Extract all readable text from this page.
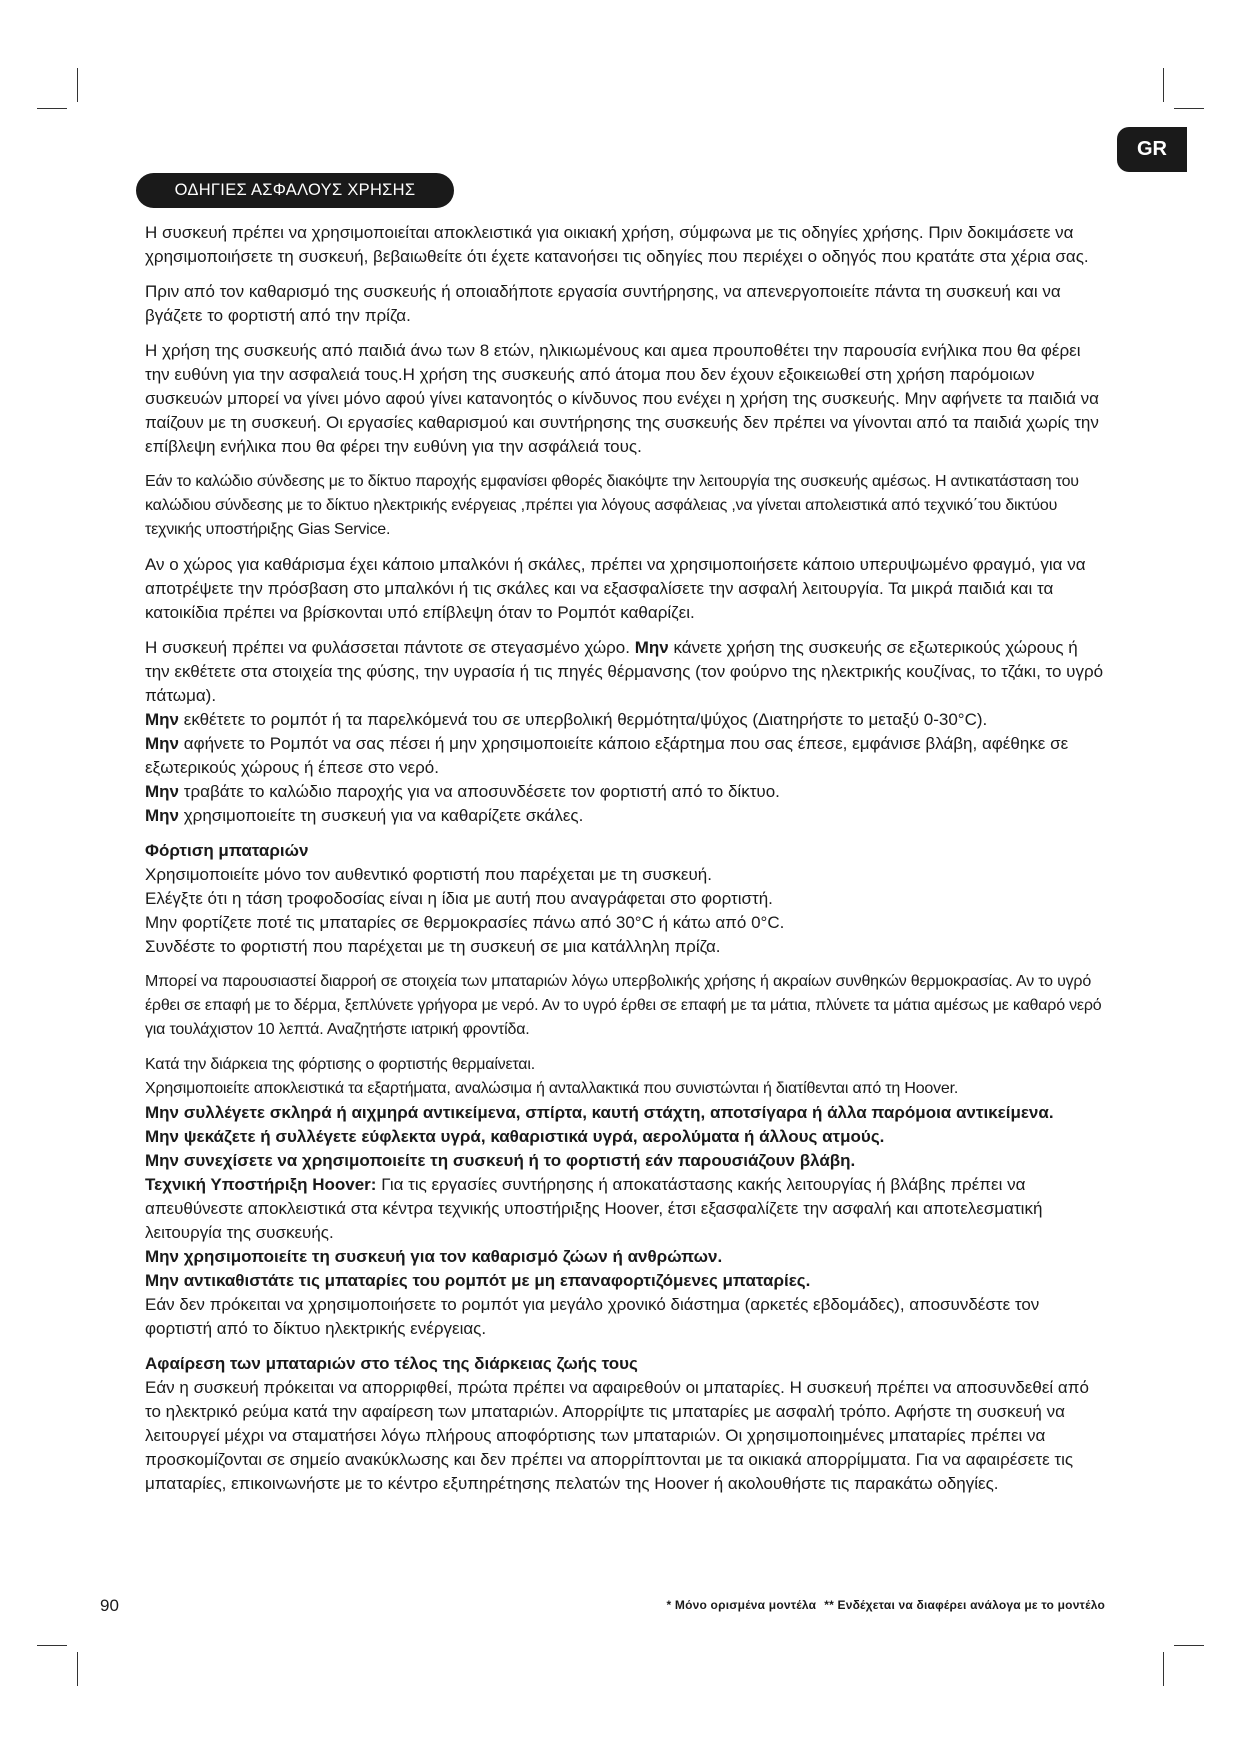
GR
ΟΔΗΓΙΕΣ ΑΣΦΑΛΟΥΣ ΧΡΗΣΗΣ

Η συσκευή πρέπει να χρησιμοποιείται αποκλειστικά για οικιακή χρήση, σύμφωνα με τις οδηγίες χρήσης. Πριν δοκιμάσετε να χρησιμοποιήσετε τη συσκευή, βεβαιωθείτε ότι έχετε κατανοήσει τις οδηγίες που περιέχει ο οδηγός που κρατάτε στα χέρια σας.

Πριν από τον καθαρισμό της συσκευής ή οποιαδήποτε εργασία συντήρησης, να απενεργοποιείτε πάντα τη συσκευή και να βγάζετε το φορτιστή από την πρίζα.

Η χρήση της συσκευής από παιδιά άνω των 8 ετών, ηλικιωμένους και αμεα προυποθέτει την παρουσία ενήλικα που θα φέρει την ευθύνη για την ασφαλειά τους.Η χρήση της συσκευής από άτομα που δεν έχουν εξοικειωθεί στη χρήση παρόμοιων συσκευών μπορεί να γίνει μόνο αφού γίνει κατανοητός ο κίνδυνος που ενέχει η χρήση της συσκευής. Μην αφήνετε τα παιδιά να παίζουν με τη συσκευή. Οι εργασίες καθαρισμού και συντήρησης της συσκευής δεν πρέπει να γίνονται από τα παιδιά χωρίς την επίβλεψη ενήλικα που θα φέρει την ευθύνη για την ασφάλειά τους.

Εάν το καλώδιο σύνδεσης με το δίκτυο παροχής εμφανίσει φθορές διακόψτε την λειτουργία της συσκευής αμέσως. Η αντικατάσταση του καλώδιου σύνδεσης με το δίκτυο ηλεκτρικής ενέργειας ,πρέπει για λόγους ασφάλειας ,να γίνεται απολειστικά από τεχνικό΄του δικτύου τεχνικής υποστήριξης Gias Service.

Αν ο χώρος για καθάρισμα έχει κάποιο μπαλκόνι ή σκάλες, πρέπει να χρησιμοποιήσετε κάποιο υπερυψωμένο φραγμό, για να αποτρέψετε την πρόσβαση στο μπαλκόνι ή τις σκάλες και να εξασφαλίσετε την ασφαλή λειτουργία. Τα μικρά παιδιά και τα κατοικίδια πρέπει να βρίσκονται υπό επίβλεψη όταν το Ρομπότ καθαρίζει.

Η συσκευή πρέπει να φυλάσσεται πάντοτε σε στεγασμένο χώρο. Μην κάνετε χρήση της συσκευής σε εξωτερικούς χώρους ή την εκθέτετε στα στοιχεία της φύσης, την υγρασία ή τις πηγές θέρμανσης (τον φούρνο της ηλεκτρικής κουζίνας, το τζάκι, το υγρό πάτωμα).
Μην εκθέτετε το ρομπότ ή τα παρελκόμενά του σε υπερβολική θερμότητα/ψύχος (Διατηρήστε το μεταξύ 0-30°C).
Μην αφήνετε το Ρομπότ να σας πέσει ή μην χρησιμοποιείτε κάποιο εξάρτημα που σας έπεσε, εμφάνισε βλάβη, αφέθηκε σε εξωτερικούς χώρους ή έπεσε στο νερό.
Μην τραβάτε το καλώδιο παροχής για να αποσυνδέσετε τον φορτιστή από το δίκτυο.
Μην χρησιμοποιείτε τη συσκευή για να καθαρίζετε σκάλες.
Φόρτιση μπαταριών
Χρησιμοποιείτε μόνο τον αυθεντικό φορτιστή που παρέχεται με τη συσκευή.
Ελέγξτε ότι η τάση τροφοδοσίας είναι η ίδια με αυτή που αναγράφεται στο φορτιστή.
Μην φορτίζετε ποτέ τις μπαταρίες σε θερμοκρασίες πάνω από 30°C ή κάτω από 0°C.
Συνδέστε το φορτιστή που παρέχεται με τη συσκευή σε μια κατάλληλη πρίζα.

Μπορεί να παρουσιαστεί διαρροή σε στοιχεία των μπαταριών λόγω υπερβολικής χρήσης ή ακραίων συνθηκών θερμοκρασίας. Αν το υγρό έρθει σε επαφή με το δέρμα, ξεπλύνετε γρήγορα με νερό. Αν το υγρό έρθει σε επαφή με τα μάτια, πλύνετε τα μάτια αμέσως με καθαρό νερό για τουλάχιστον 10 λεπτά. Αναζητήστε ιατρική φροντίδα.

Κατά την διάρκεια της φόρτισης ο φορτιστής θερμαίνεται.
Χρησιμοποιείτε αποκλειστικά τα εξαρτήματα, αναλώσιμα ή ανταλλακτικά που συνιστώνται ή διατίθενται από τη Hoover.
Μην συλλέγετε σκληρά ή αιχμηρά αντικείμενα, σπίρτα, καυτή στάχτη, αποτσίγαρα ή άλλα παρόμοια αντικείμενα.
Μην ψεκάζετε ή συλλέγετε εύφλεκτα υγρά, καθαριστικά υγρά, αερολύματα ή άλλους ατμούς.
Μην συνεχίσετε να χρησιμοποιείτε τη συσκευή ή το φορτιστή εάν παρουσιάζουν βλάβη.
Τεχνική Υποστήριξη Hoover: Για τις εργασίες συντήρησης ή αποκατάστασης κακής λειτουργίας ή βλάβης πρέπει να απευθύνεστε αποκλειστικά στα κέντρα τεχνικής υποστήριξης Hoover, έτσι εξασφαλίζετε την ασφαλή και αποτελεσματική λειτουργία της συσκευής.
Μην χρησιμοποιείτε τη συσκευή για τον καθαρισμό ζώων ή ανθρώπων.
Μην αντικαθιστάτε τις μπαταρίες του ρομπότ με μη επαναφορτιζόμενες μπαταρίες.
Εάν δεν πρόκειται να χρησιμοποιήσετε το ρομπότ για μεγάλο χρονικό διάστημα (αρκετές εβδομάδες), αποσυνδέστε τον φορτιστή από το δίκτυο ηλεκτρικής ενέργειας.
Αφαίρεση των μπαταριών στο τέλος της διάρκειας ζωής τους
Εάν η συσκευή πρόκειται να απορριφθεί, πρώτα πρέπει να αφαιρεθούν οι μπαταρίες. Η συσκευή πρέπει να αποσυνδεθεί από το ηλεκτρικό ρεύμα κατά την αφαίρεση των μπαταριών. Απορρίψτε τις μπαταρίες με ασφαλή τρόπο. Αφήστε τη συσκευή να λειτουργεί μέχρι να σταματήσει λόγω πλήρους αποφόρτισης των μπαταριών. Οι χρησιμοποιημένες μπαταρίες πρέπει να προσκομίζονται σε σημείο ανακύκλωσης και δεν πρέπει να απορρίπτονται με τα οικιακά απορρίμματα. Για να αφαιρέσετε τις μπαταρίες, επικοινωνήστε με το κέντρο εξυπηρέτησης πελατών της Hoover ή ακολουθήστε τις παρακάτω οδηγίες.
90	* Μόνο ορισμένα μοντέλα ** Ενδέχεται να διαφέρει ανάλογα με το μοντέλο
